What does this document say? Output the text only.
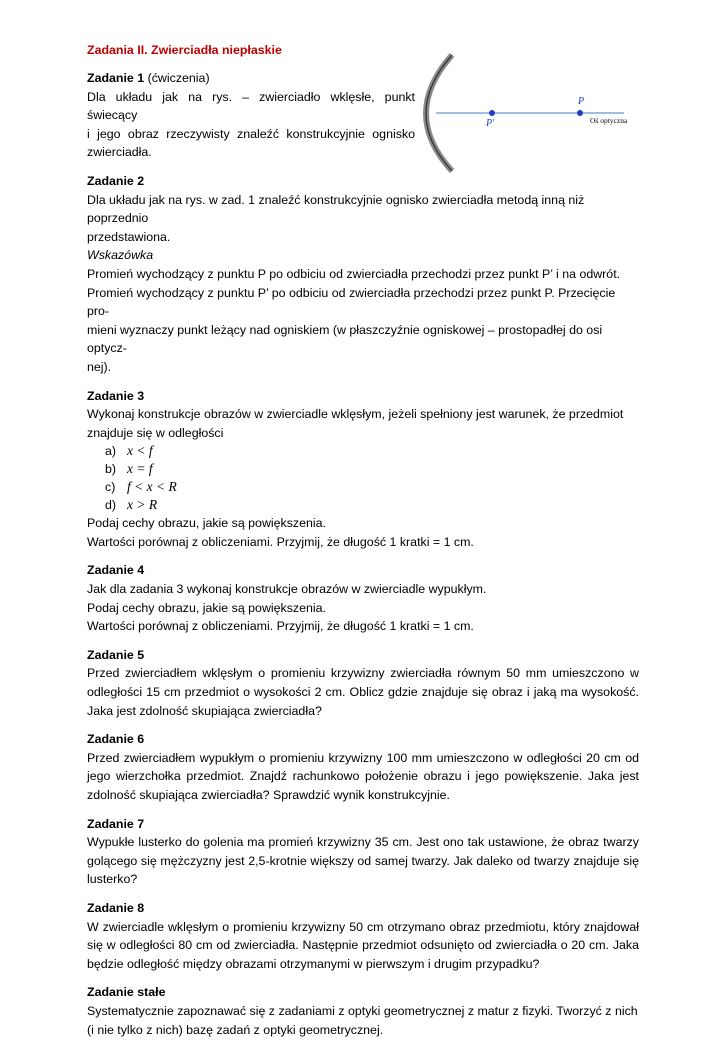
Zadania II. Zwierciadła niepłaskie
Zadanie 1 (ćwiczenia)

Dla układu jak na rys. – zwierciadło wklęsłe, punkt świecący

i jego obraz rzeczywisty znaleźć konstrukcyjnie ognisko

zwierciadła.

Zadanie 2

Dla układu jak na rys. w zad. 1 znaleźć konstrukcyjnie ognisko zwierciadła metodą inną niż poprzednio

przedstawiona.

Wskazówka

Promień wychodzący z punktu P po odbiciu od zwierciadła przechodzi przez punkt P’ i na odwrót.

Promień wychodzący z punktu P’ po odbiciu od zwierciadła przechodzi przez punkt P. Przecięcie pro-

mieni wyznaczy punkt leżący nad ogniskiem (w płaszczyźnie ogniskowej – prostopadłej do osi optycz-

nej).

Zadanie 3

Wykonaj konstrukcje obrazów w zwierciadle wklęsłym, jeżeli spełniony jest warunek, że przedmiot

znajduje się w odległości

a) x < f
b) x = f
c) f < x < R
d) x > R

Podaj cechy obrazu, jakie są powiększenia.

Wartości porównaj z obliczeniami. Przyjmij, że długość 1 kratki = 1 cm.

Zadanie 4

Jak dla zadania 3 wykonaj konstrukcje obrazów w zwierciadle wypukłym.

Podaj cechy obrazu, jakie są powiększenia.

Wartości porównaj z obliczeniami. Przyjmij, że długość 1 kratki = 1 cm.

Zadanie 5

Przed zwierciadłem wklęsłym o promieniu krzywizny zwierciadła równym 50 mm umieszczono w odległości 15 cm przedmiot o wysokości 2 cm. Oblicz gdzie znajduje się obraz i jaką ma wysokość. Jaka jest zdolność skupiająca zwierciadła?

Zadanie 6

Przed zwierciadłem wypukłym o promieniu krzywizny 100 mm umieszczono w odległości 20 cm od jego wierzchołka przedmiot. Znajdź rachunkowo położenie obrazu i jego powiększenie. Jaka jest zdolność skupiająca zwierciadła? Sprawdzić wynik konstrukcyjnie.

Zadanie 7

Wypukłe lusterko do golenia ma promień krzywizny 35 cm. Jest ono tak ustawione, że obraz twarzy golącego się mężczyzny jest 2,5-krotnie większy od samej twarzy. Jak daleko od twarzy znajduje się lusterko?

Zadanie 8

W zwierciadle wklęsłym o promieniu krzywizny 50 cm otrzymano obraz przedmiotu, który znajdował się w odległości 80 cm od zwierciadła. Następnie przedmiot odsunięto od zwierciadła o 20 cm. Jaka będzie odległość między obrazami otrzymanymi w pierwszym i drugim przypadku?

Zadanie stałe

Systematycznie zapoznawać się z zadaniami z optyki geometrycznej z matur z fizyki. Tworzyć z nich

(i nie tylko z nich) bazę zadań z optyki geometrycznej.

P
P'	Oś optyczna
